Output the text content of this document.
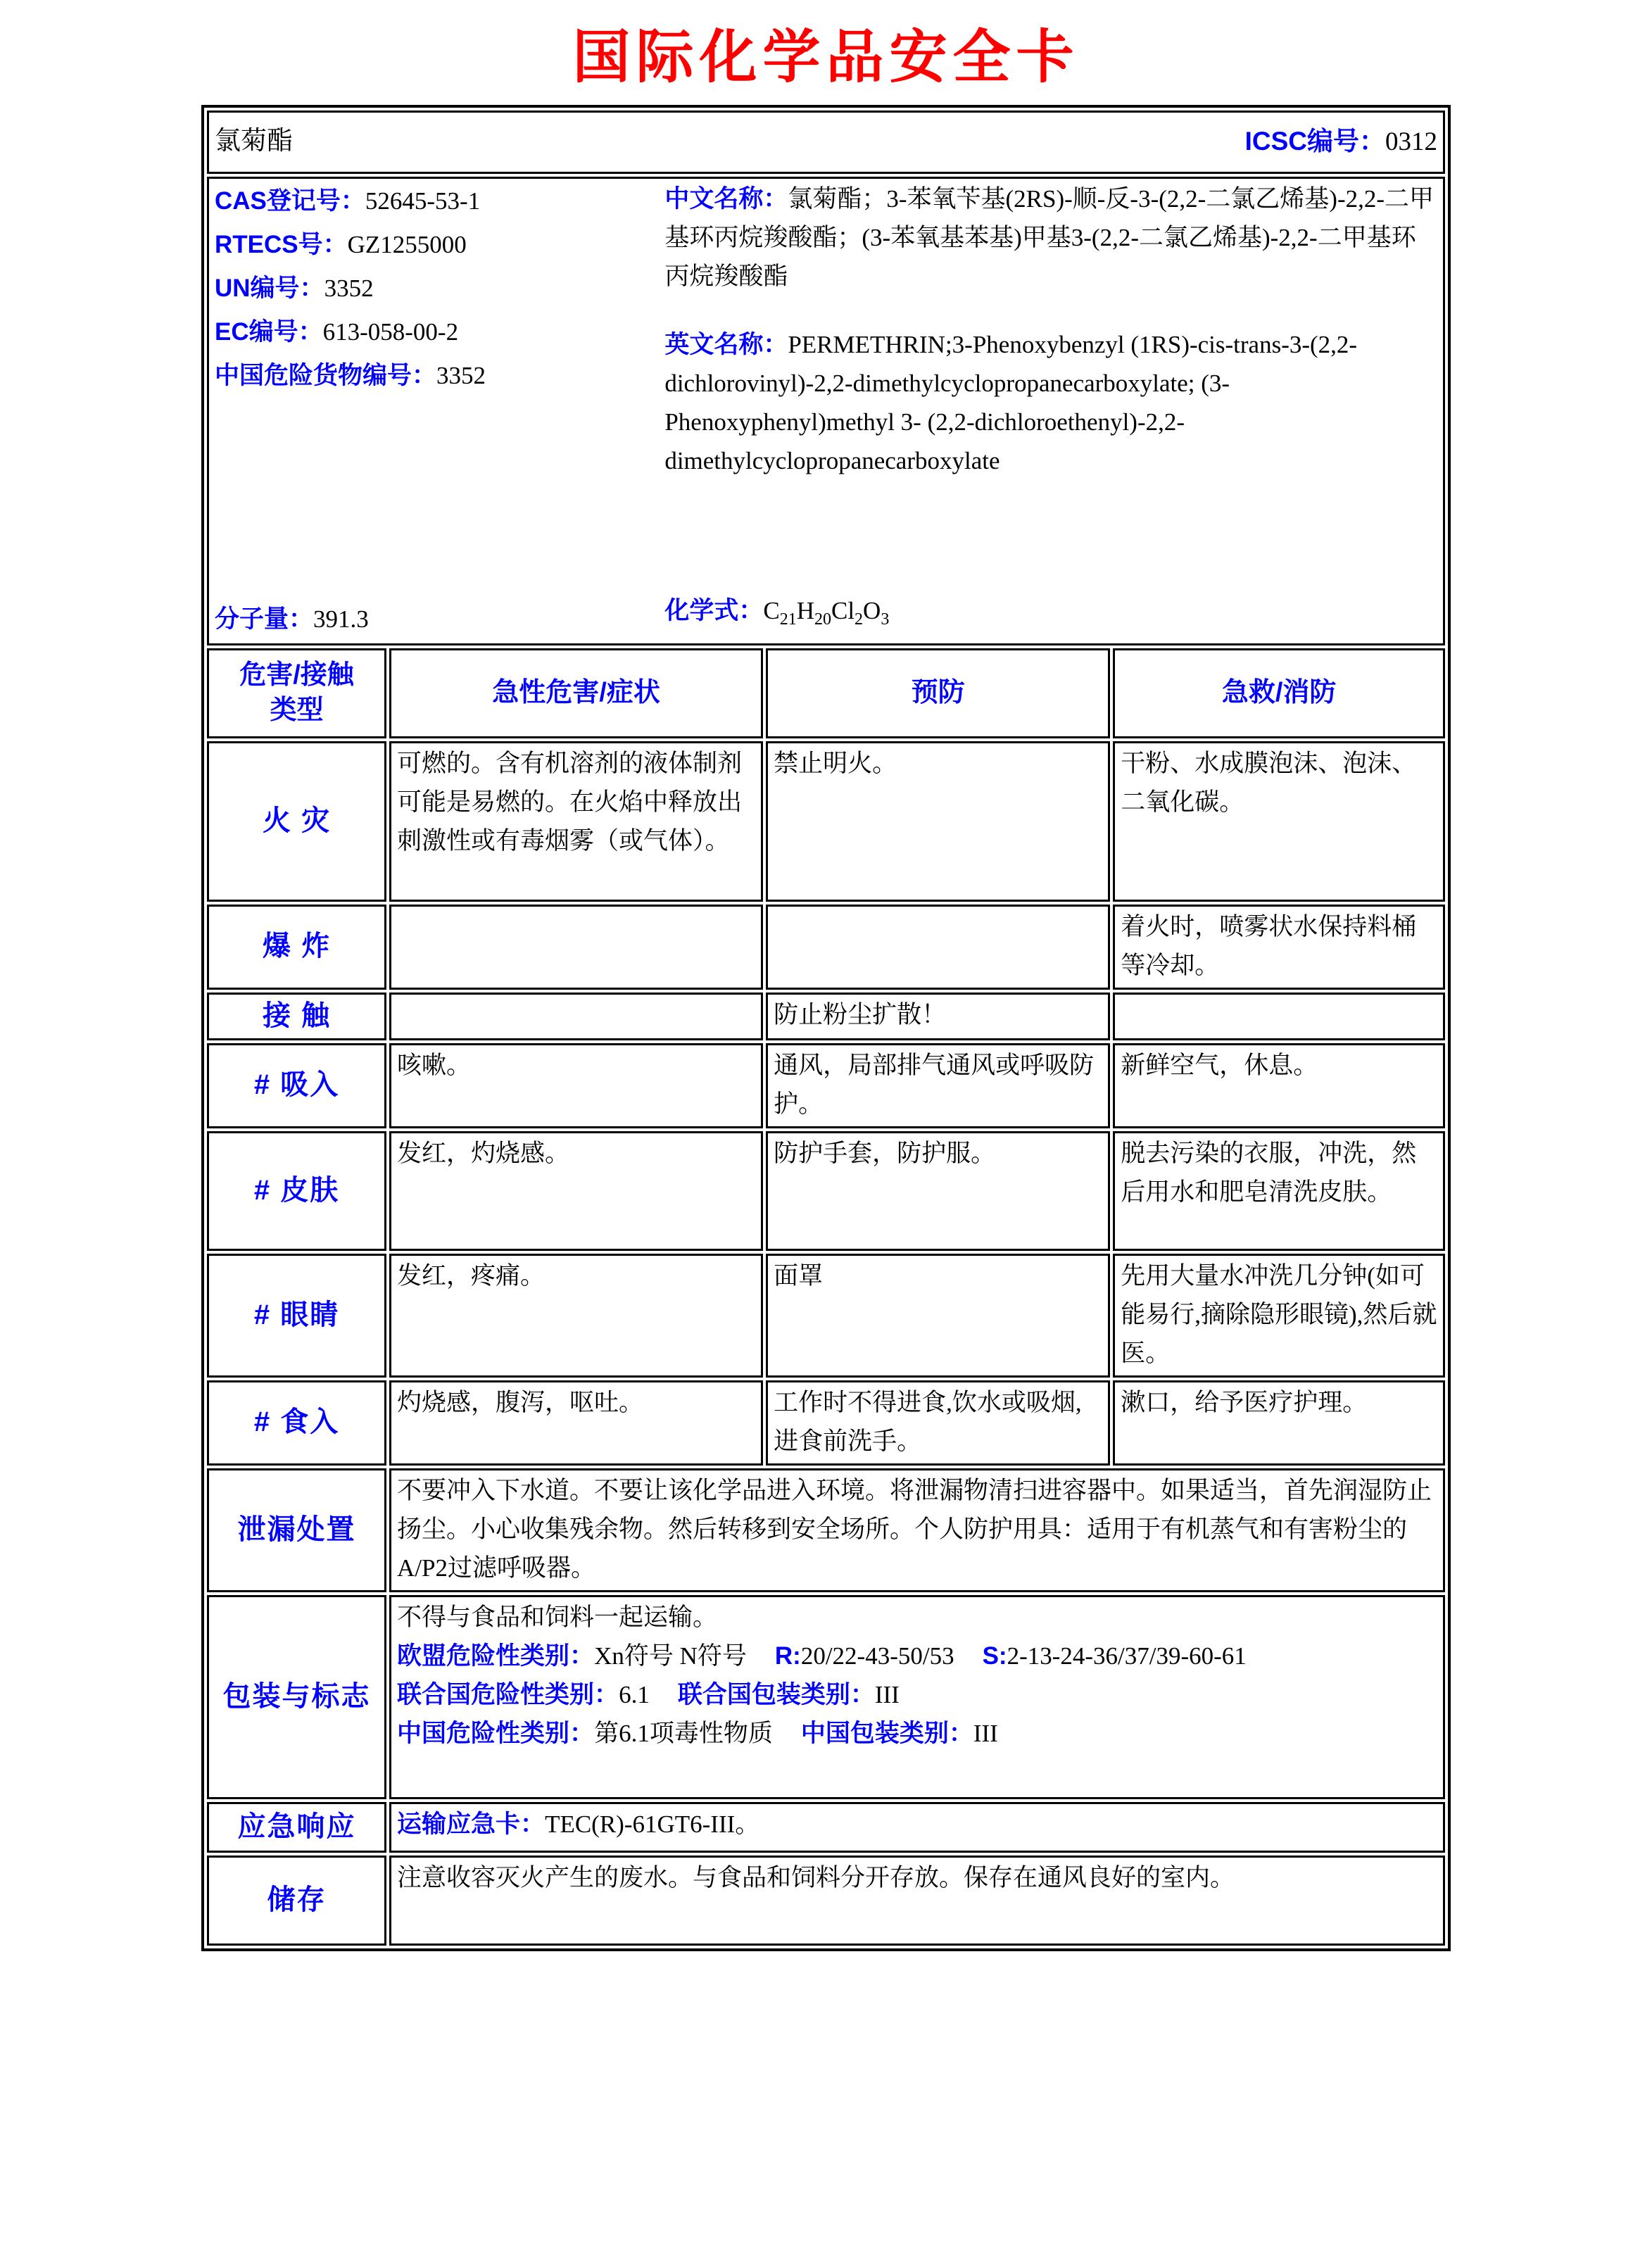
国际化学品安全卡
氯菊酯 ICSC编号：0312			

CAS登记号：52645-53-1
RTECS号：GZ1255000
UN编号：3352
EC编号：613-058-00-2
中国危险货物编号：3352
分子量：391.3
中文名称：氯菊酯；3-苯氧苄基(2RS)-顺-反-3-(2,2-二氯乙烯基)-2,2-二甲基环丙烷羧酸酯；(3-苯氧基苯基)甲基3-(2,2-二氯乙烯基)-2,2-二甲基环丙烷羧酸酯
英文名称：PERMETHRIN;3-Phenoxybenzyl (1RS)-cis-trans-3-(2,2-dichlorovinyl)-2,2-dimethylcyclopropanecarboxylate; (3-Phenoxyphenyl)methyl 3- (2,2-dichloroethenyl)-2,2-dimethylcyclopropanecarboxylate
化学式：$C_{21}H_{20}Cl_2O_3$

危害/接触
类型	急性危害/症状	预防	急救/消防
火 灾	可燃的。含有机溶剂的液体制剂可能是易燃的。在火焰中释放出刺激性或有毒烟雾（或气体）。	禁止明火。	干粉、水成膜泡沫、泡沫、二氧化碳。
爆 炸			着火时，喷雾状水保持料桶等冷却。
接 触		防止粉尘扩散！	
# 吸入	咳嗽。	通风，局部排气通风或呼吸防护。	新鲜空气，休息。
# 皮肤	发红，灼烧感。	防护手套，防护服。	脱去污染的衣服，冲洗，然后用水和肥皂清洗皮肤。
# 眼睛	发红，疼痛。	面罩	先用大量水冲洗几分钟(如可能易行,摘除隐形眼镜),然后就医。
# 食入	灼烧感，腹泻，呕吐。	工作时不得进食,饮水或吸烟,进食前洗手。	漱口，给予医疗护理。
泄漏处置	不要冲入下水道。不要让该化学品进入环境。将泄漏物清扫进容器中。如果适当，首先润湿防止扬尘。小心收集残余物。然后转移到安全场所。个人防护用具：适用于有机蒸气和有害粉尘的A/P2过滤呼吸器。		
包装与标志	不得与食品和饲料一起运输。
欧盟危险性类别：Xn符号 N符号 R:20/22-43-50/53 S:2-13-24-36/37/39-60-61
联合国危险性类别：6.1 联合国包装类别：III
中国危险性类别：第6.1项毒性物质 中国包装类别：III		

应急响应	运输应急卡：TEC(R)-61GT6-III。		
储存	注意收容灭火产生的废水。与食品和饲料分开存放。保存在通风良好的室内。		
